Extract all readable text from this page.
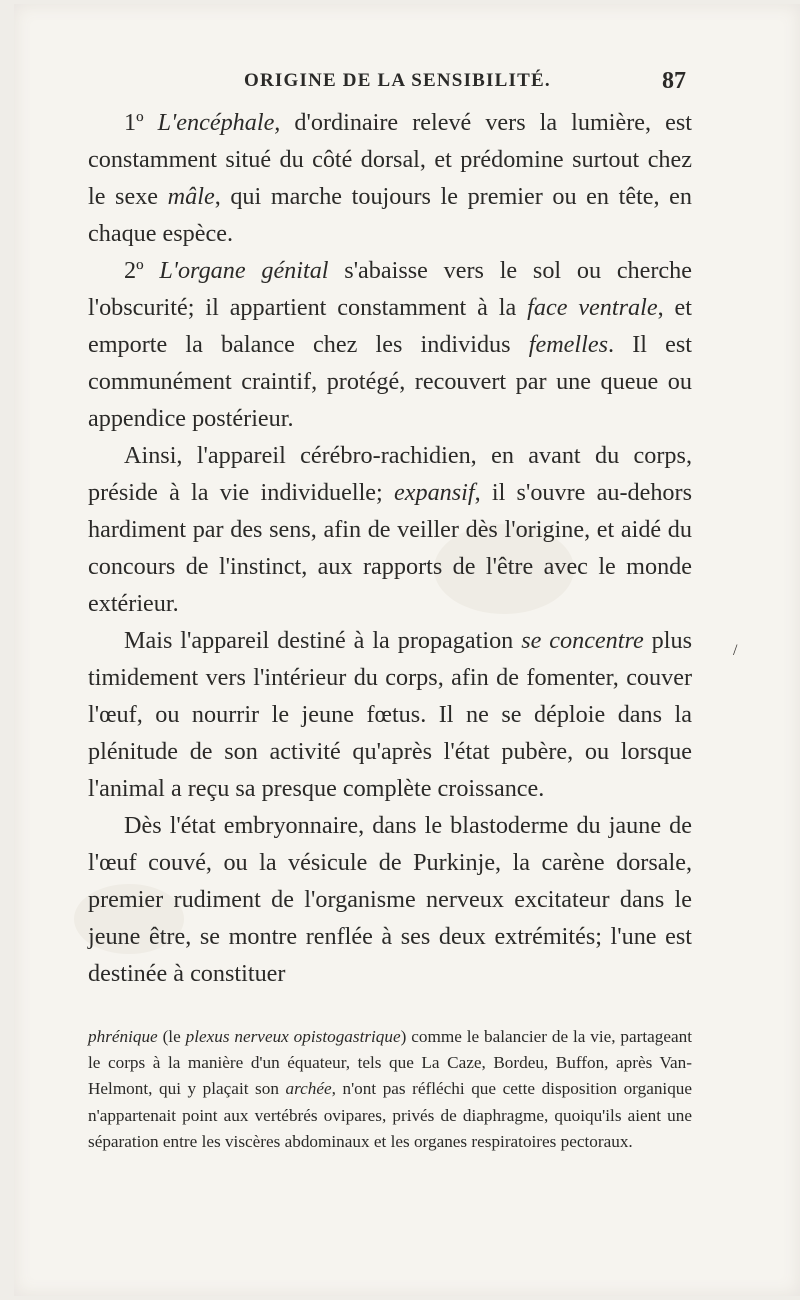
ORIGINE DE LA SENSIBILITÉ.	87

1º L'encéphale, d'ordinaire relevé vers la lumière, est constamment situé du côté dorsal, et prédomine surtout chez le sexe mâle, qui marche toujours le premier ou en tête, en chaque espèce.

2º L'organe génital s'abaisse vers le sol ou cherche l'obscurité; il appartient constamment à la face ventrale, et emporte la balance chez les individus femelles. Il est communément craintif, protégé, recouvert par une queue ou appendice postérieur.

Ainsi, l'appareil cérébro-rachidien, en avant du corps, préside à la vie individuelle; expansif, il s'ouvre au-dehors hardiment par des sens, afin de veiller dès l'origine, et aidé du concours de l'instinct, aux rapports de l'être avec le monde extérieur.

Mais l'appareil destiné à la propagation se concentre plus timidement vers l'intérieur du corps, afin de fomenter, couver l'œuf, ou nourrir le jeune fœtus. Il ne se déploie dans la plénitude de son activité qu'après l'état pubère, ou lorsque l'animal a reçu sa presque complète croissance.

Dès l'état embryonnaire, dans le blastoderme du jaune de l'œuf couvé, ou la vésicule de Purkinje, la carène dorsale, premier rudiment de l'organisme nerveux excitateur dans le jeune être, se montre renflée à ses deux extrémités; l'une est destinée à constituer

/

phrénique (le plexus nerveux opistogastrique) comme le balancier de la vie, partageant le corps à la manière d'un équateur, tels que La Caze, Bordeu, Buffon, après Van-Helmont, qui y plaçait son archée, n'ont pas réfléchi que cette disposition organique n'appartenait point aux vertébrés ovipares, privés de diaphragme, quoiqu'ils aient une séparation entre les viscères abdominaux et les organes respiratoires pectoraux.
